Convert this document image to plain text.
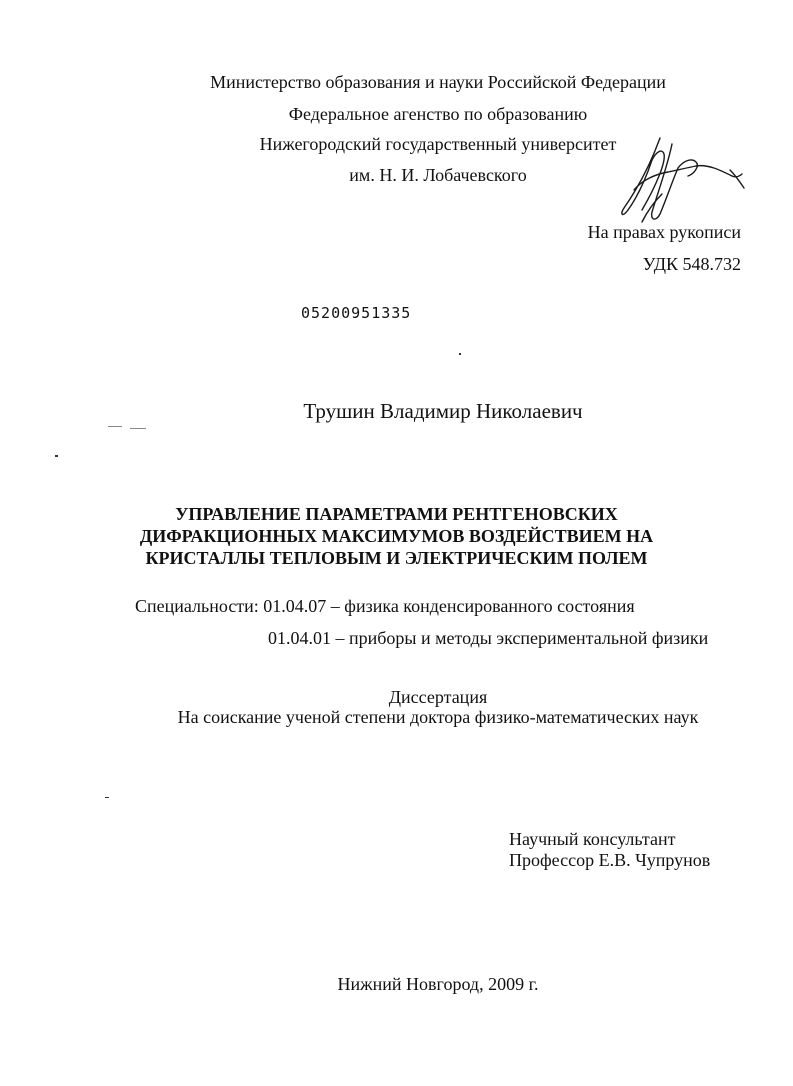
Министерство образования и науки Российской Федерации
Федеральное агенство по образованию
Нижегородский государственный университет
им. Н. И. Лобачевского
На правах рукописи
УДК 548.732
05200951335
Трушин Владимир Николаевич
УПРАВЛЕНИЕ ПАРАМЕТРАМИ РЕНТГЕНОВСКИХ
ДИФРАКЦИОННЫХ МАКСИМУМОВ ВОЗДЕЙСТВИЕМ НА
КРИСТАЛЛЫ ТЕПЛОВЫМ И ЭЛЕКТРИЧЕСКИМ ПОЛЕМ
Специальности: 01.04.07 – физика конденсированного состояния
01.04.01 – приборы и методы экспериментальной физики
Диссертация
На соискание ученой степени доктора физико-математических наук
Научный консультант
Профессор Е.В. Чупрунов
Нижний Новгород, 2009 г.
